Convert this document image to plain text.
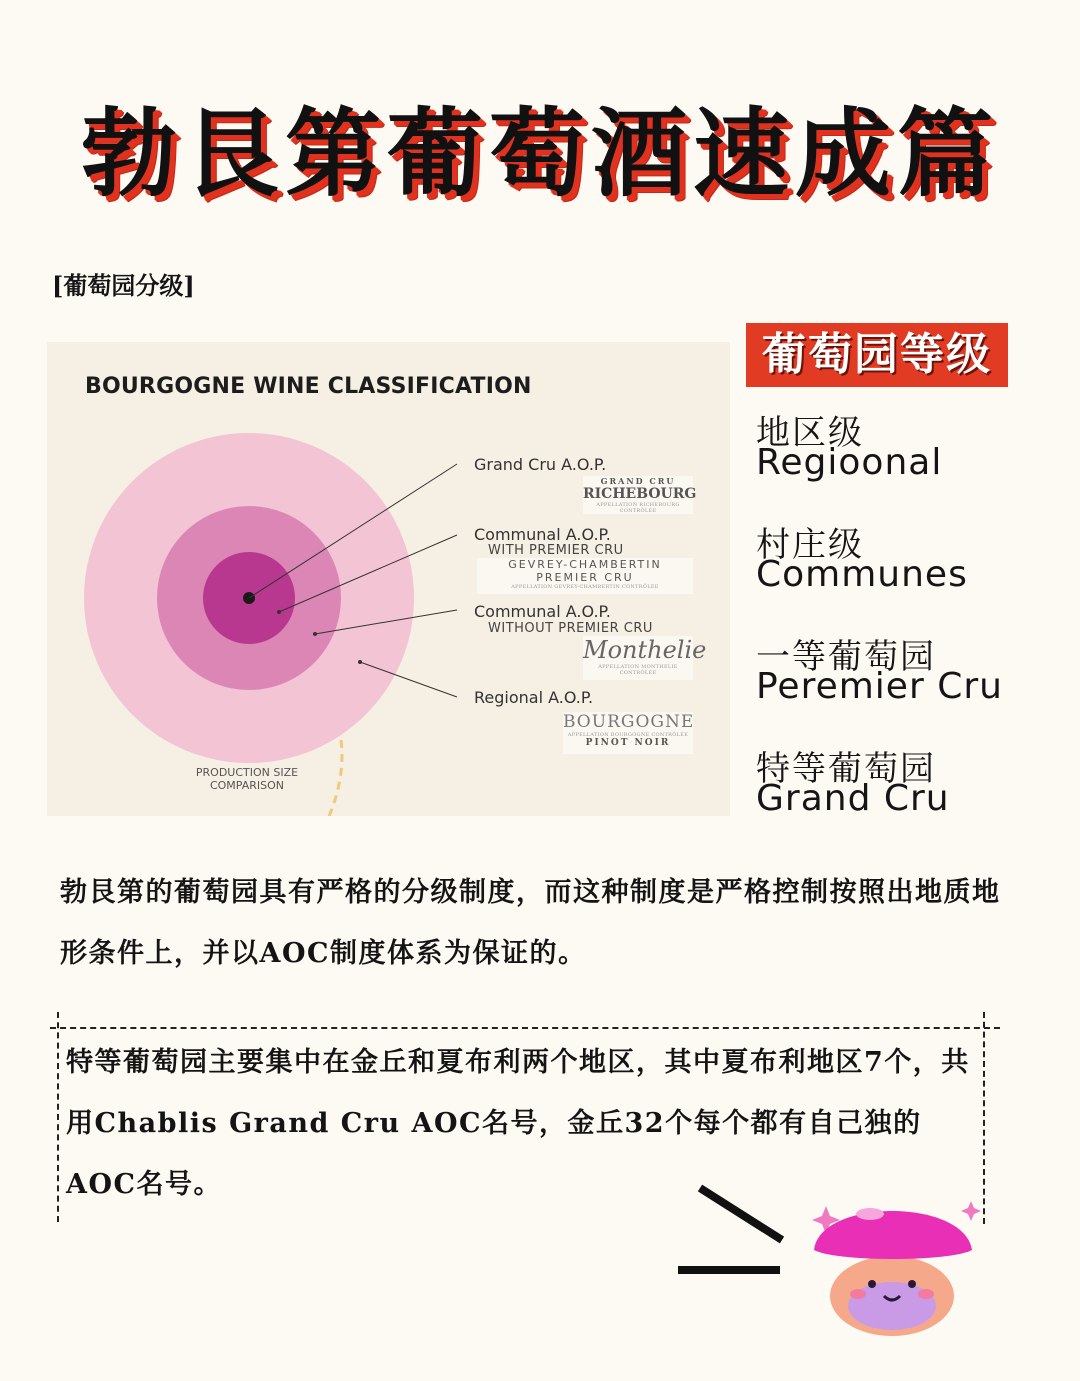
勃艮第葡萄酒速成篇
[葡萄园分级]
BOURGOGNE WINE CLASSIFICATION
Grand Cru A.O.P.
GRAND CRU
RICHEBOURG
APPELLATION RICHEBOURG CONTRÔLÉE
Communal A.O.P.
WITH PREMIER CRU
GEVREY-CHAMBERTIN
PREMIER CRU
APPELLATION GEVREY-CHAMBERTIN CONTRÔLÉE
Communal A.O.P.
WITHOUT PREMIER CRU
Monthelie
APPELLATION MONTHELIE CONTRÔLÉE
Regional A.O.P.
BOURGOGNE
APPELLATION BOURGOGNE CONTRÔLÉE
PINOT NOIR
PRODUCTION SIZE
COMPARISON
葡萄园等级
地区级
Regioonal
村庄级
Communes
一等葡萄园
Peremier Cru
特等葡萄园
Grand Cru
勃艮第的葡萄园具有严格的分级制度，而这种制度是严格控制按照出地质地形条件上，并以AOC制度体系为保证的。
特等葡萄园主要集中在金丘和夏布利两个地区，其中夏布利地区7个，共用Chablis Grand Cru AOC名号，金丘32个每个都有自己独的AOC名号。
